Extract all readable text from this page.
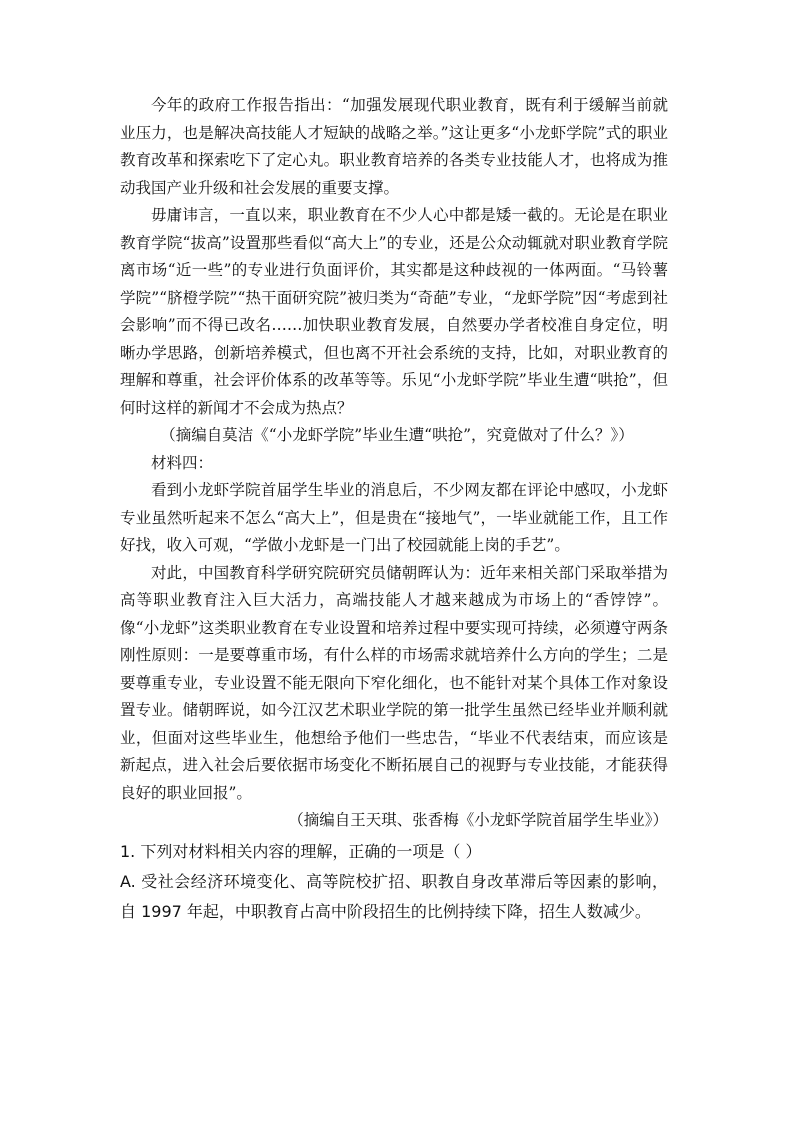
今年的政府工作报告指出：“加强发展现代职业教育，既有利于缓解当前就业压力，也是解决高技能人才短缺的战略之举。”这让更多“小龙虾学院”式的职业教育改革和探索吃下了定心丸。职业教育培养的各类专业技能人才，也将成为推动我国产业升级和社会发展的重要支撑。

毋庸讳言，一直以来，职业教育在不少人心中都是矮一截的。无论是在职业教育学院“拔高”设置那些看似“高大上”的专业，还是公众动辄就对职业教育学院离市场“近一些”的专业进行负面评价，其实都是这种歧视的一体两面。“马铃薯学院”“脐橙学院”“热干面研究院”被归类为“奇葩”专业，“龙虾学院”因“考虑到社会影响”而不得已改名……加快职业教育发展，自然要办学者校准自身定位，明晰办学思路，创新培养模式，但也离不开社会系统的支持，比如，对职业教育的理解和尊重，社会评价体系的改革等等。乐见“小龙虾学院”毕业生遭“哄抢”，但何时这样的新闻才不会成为热点？

（摘编自莫洁《“小龙虾学院”毕业生遭“哄抢”，究竟做对了什么？》）

材料四：

看到小龙虾学院首届学生毕业的消息后，不少网友都在评论中感叹，小龙虾专业虽然听起来不怎么“高大上”，但是贵在“接地气”，一毕业就能工作，且工作好找，收入可观，“学做小龙虾是一门出了校园就能上岗的手艺”。

对此，中国教育科学研究院研究员储朝晖认为：近年来相关部门采取举措为高等职业教育注入巨大活力，高端技能人才越来越成为市场上的“香饽饽”。像“小龙虾”这类职业教育在专业设置和培养过程中要实现可持续，必须遵守两条刚性原则：一是要尊重市场，有什么样的市场需求就培养什么方向的学生；二是要尊重专业，专业设置不能无限向下窄化细化，也不能针对某个具体工作对象设置专业。储朝晖说，如今江汉艺术职业学院的第一批学生虽然已经毕业并顺利就业，但面对这些毕业生，他想给予他们一些忠告，“毕业不代表结束，而应该是新起点，进入社会后要依据市场变化不断拓展自己的视野与专业技能，才能获得良好的职业回报”。

（摘编自王天琪、张香梅《小龙虾学院首届学生毕业》）

1. 下列对材料相关内容的理解，正确的一项是（ ）

A. 受社会经济环境变化、高等院校扩招、职教自身改革滞后等因素的影响，自 1997 年起，中职教育占高中阶段招生的比例持续下降，招生人数减少。
